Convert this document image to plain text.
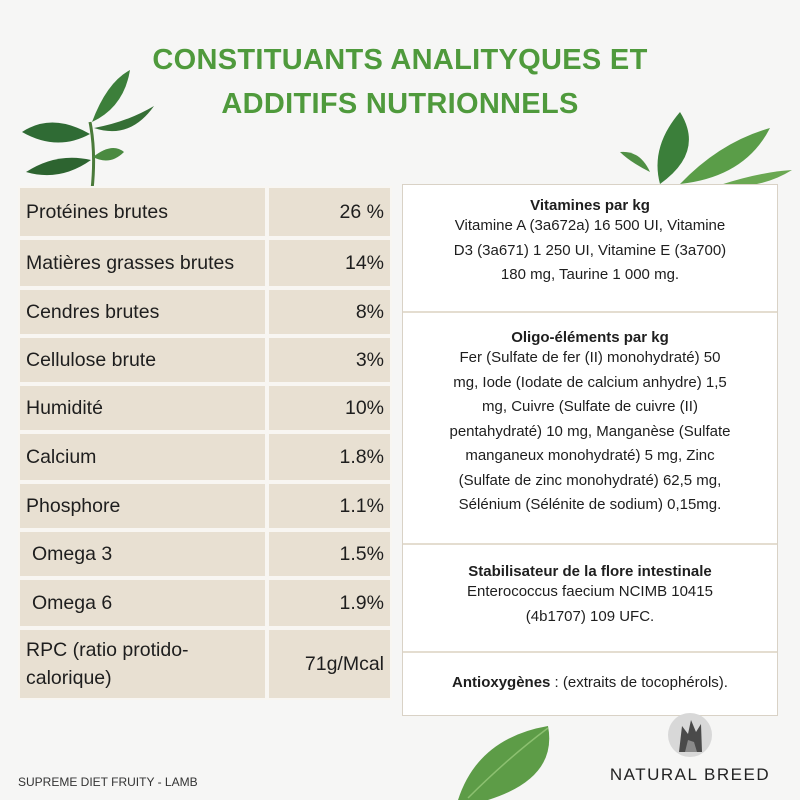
CONSTITUANTS ANALITYQUES ET
ADDITIFS NUTRIONNELS
Protéines brutes	26 %
Matières grasses brutes	14%
Cendres brutes	8%
Cellulose brute	3%
Humidité	10%
Calcium	1.8%
Phosphore	1.1%
Omega 3	1.5%
Omega 6	1.9%
RPC (ratio protido-calorique)	71g/Mcal
Vitamines par kg
Vitamine A (3a672a) 16 500 UI, Vitamine
D3 (3a671) 1 250 UI, Vitamine E (3a700)
180 mg, Taurine 1 000 mg.
Oligo-éléments par kg
Fer (Sulfate de fer (II) monohydraté) 50
mg, Iode (Iodate de calcium anhydre) 1,5
mg, Cuivre (Sulfate de cuivre (II)
pentahydraté) 10 mg, Manganèse (Sulfate
manganeux monohydraté) 5 mg, Zinc
(Sulfate de zinc monohydraté) 62,5 mg,
Sélénium (Sélénite de sodium) 0,15mg.
Stabilisateur de la flore intestinale
Enterococcus faecium NCIMB 10415
(4b1707) 109 UFC.
Antioxygènes : (extraits de tocophérols).
SUPREME DIET FRUITY - LAMB	NATURAL BREED
